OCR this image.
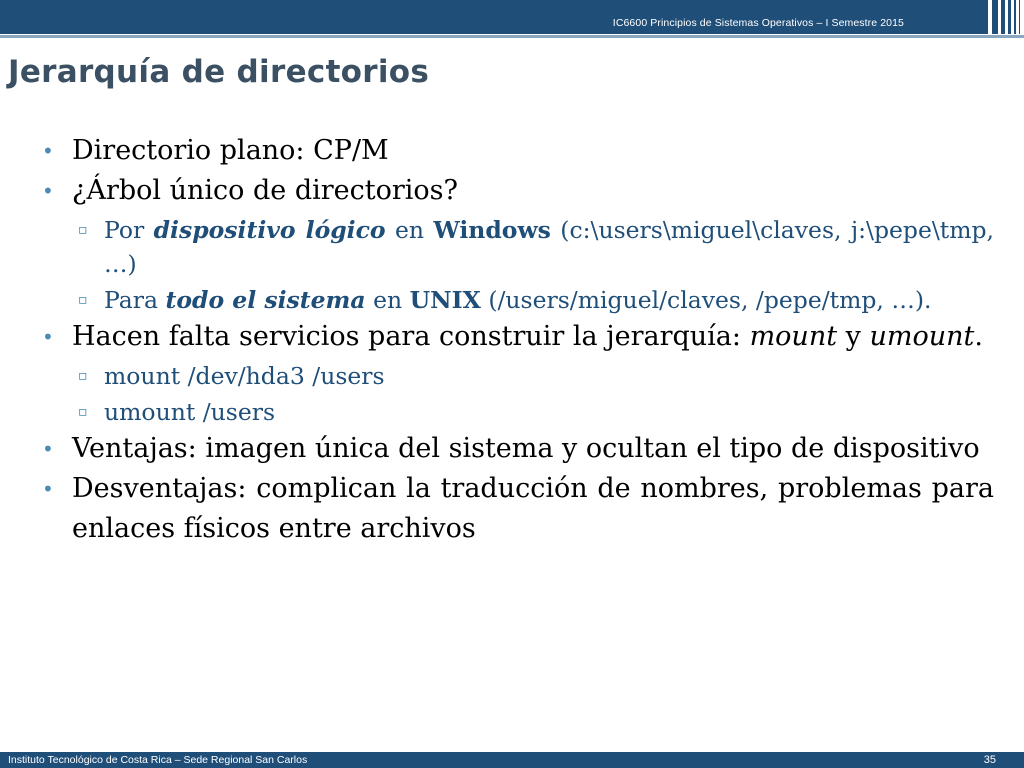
IC6600 Principios de Sistemas Operativos – I Semestre 2015
Jerarquía de directorios
• Directorio plano: CP/M
• ¿Árbol único de directorios?
▫ Por dispositivo lógico en Windows (c:\users\miguel\claves, j:\pepe\tmp, …)
▫ Para todo el sistema en UNIX (/users/miguel/claves, /pepe/tmp, …).
• Hacen falta servicios para construir la jerarquía: mount y umount.
▫ mount /dev/hda3 /users
▫ umount /users
• Ventajas: imagen única del sistema y ocultan el tipo de dispositivo
• Desventajas: complican la traducción de nombres, problemas para enlaces físicos entre archivos
Instituto Tecnológico de Costa Rica – Sede Regional San Carlos	35
